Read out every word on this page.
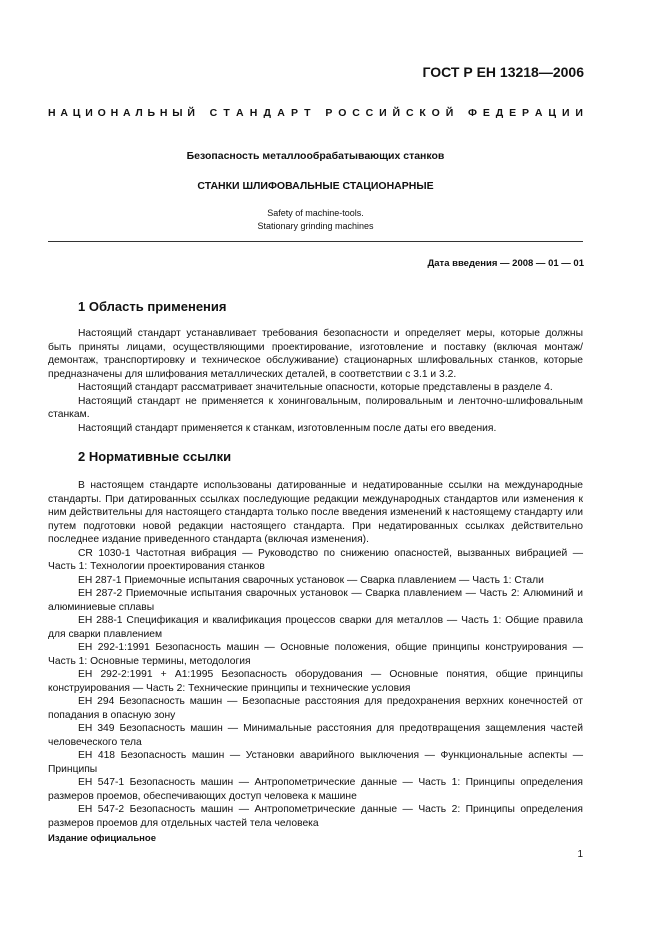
ГОСТ Р ЕН 13218—2006
Н А Ц И О Н А Л Ь Н Ы Й С Т А Н Д А Р Т Р О С С И Й С К О Й Ф Е Д Е Р А Ц И И
Безопасность металлообрабатывающих станков
СТАНКИ ШЛИФОВАЛЬНЫЕ СТАЦИОНАРНЫЕ
Safety of machine-tools.
Stationary grinding machines
Дата введения — 2008 — 01 — 01
1 Область применения

Настоящий стандарт устанавливает требования безопасности и определяет меры, которые должны быть приняты лицами, осуществляющими проектирование, изготовление и поставку (включая монтаж/демонтаж, транспортировку и техническое обслуживание) стационарных шлифовальных станков, которые предназначены для шлифования металлических деталей, в соответствии с 3.1 и 3.2.

Настоящий стандарт рассматривает значительные опасности, которые представлены в разделе 4.

Настоящий стандарт не применяется к хонинговальным, полировальным и ленточно-шлифовальным станкам.

Настоящий стандарт применяется к станкам, изготовленным после даты его введения.

2 Нормативные ссылки

В настоящем стандарте использованы датированные и недатированные ссылки на международные стандарты. При датированных ссылках последующие редакции международных стандартов или изменения к ним действительны для настоящего стандарта только после введения изменений к настоящему стандарту или путем подготовки новой редакции настоящего стандарта. При недатированных ссылках действительно последнее издание приведенного стандарта (включая изменения).

CR 1030-1 Частотная вибрация — Руководство по снижению опасностей, вызванных вибрацией — Часть 1: Технологии проектирования станков

ЕН 287-1 Приемочные испытания сварочных установок — Сварка плавлением — Часть 1: Стали

ЕН 287-2 Приемочные испытания сварочных установок — Сварка плавлением — Часть 2: Алюминий и алюминиевые сплавы

ЕН 288-1 Спецификация и квалификация процессов сварки для металлов — Часть 1: Общие правила для сварки плавлением

ЕН 292-1:1991 Безопасность машин — Основные положения, общие принципы конструирования — Часть 1: Основные термины, методология

ЕН 292-2:1991 + А1:1995 Безопасность оборудования — Основные понятия, общие принципы конструирования — Часть 2: Технические принципы и технические условия

ЕН 294 Безопасность машин — Безопасные расстояния для предохранения верхних конечностей от попадания в опасную зону

ЕН 349 Безопасность машин — Минимальные расстояния для предотвращения защемления частей человеческого тела

ЕН 418 Безопасность машин — Установки аварийного выключения — Функциональные аспекты — Принципы

ЕН 547-1 Безопасность машин — Антропометрические данные — Часть 1: Принципы определения размеров проемов, обеспечивающих доступ человека к машине

ЕН 547-2 Безопасность машин — Антропометрические данные — Часть 2: Принципы определения размеров проемов для отдельных частей тела человека

Издание официальное
1
